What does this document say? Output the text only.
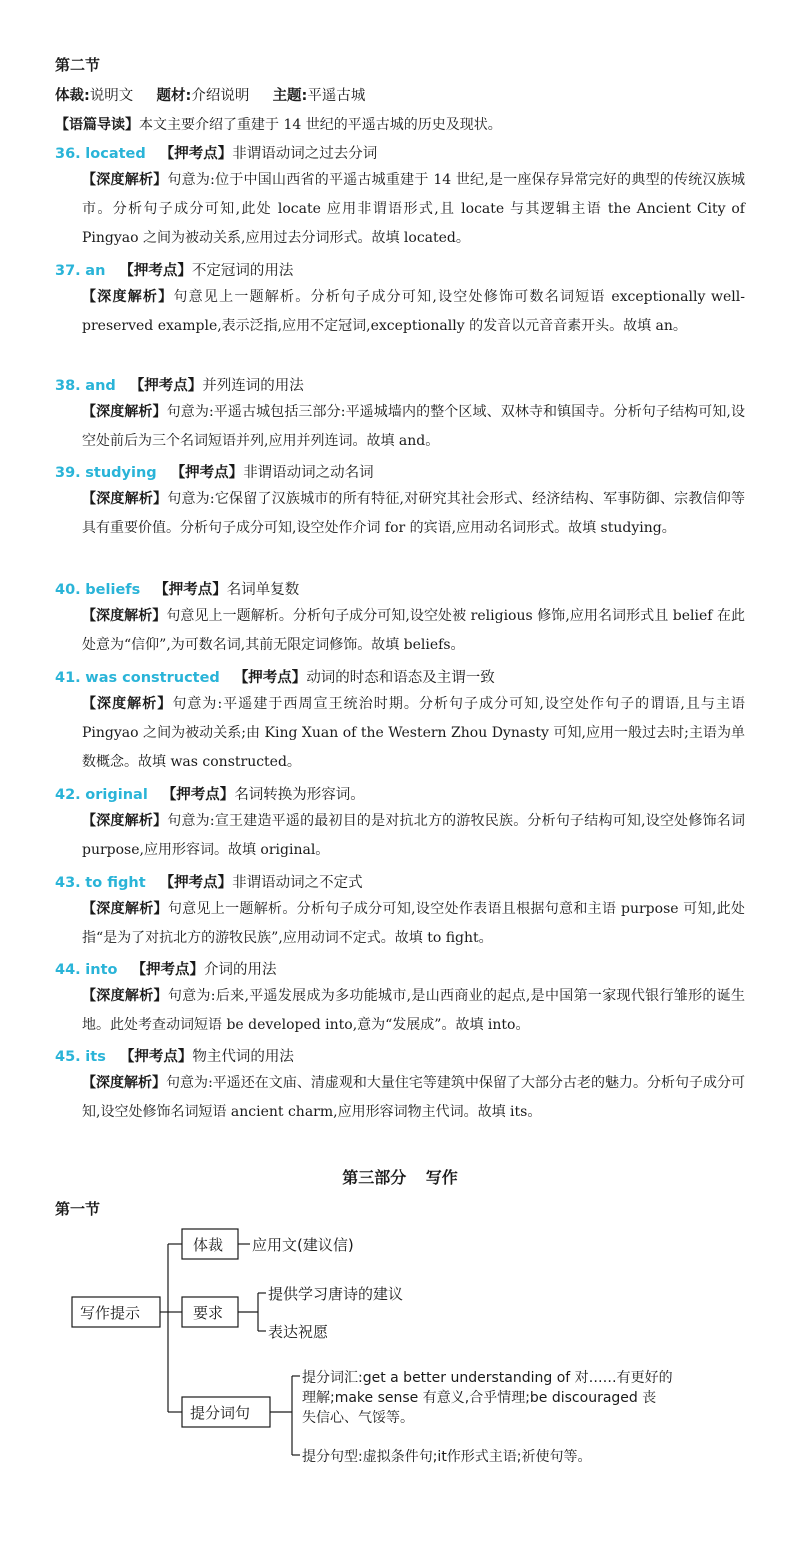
第二节
体裁:说明文 题材:介绍说明 主题:平遥古城
【语篇导读】本文主要介绍了重建于 14 世纪的平遥古城的历史及现状。
36. located 【押考点】非谓语动词之过去分词
【深度解析】句意为:位于中国山西省的平遥古城重建于 14 世纪,是一座保存异常完好的典型的传统汉族城市。分析句子成分可知,此处 locate 应用非谓语形式,且 locate 与其逻辑主语 the Ancient City of Pingyao 之间为被动关系,应用过去分词形式。故填 located。
37. an 【押考点】不定冠词的用法
【深度解析】句意见上一题解析。分析句子成分可知,设空处修饰可数名词短语 exceptionally well-preserved example,表示泛指,应用不定冠词,exceptionally 的发音以元音音素开头。故填 an。
38. and 【押考点】并列连词的用法
【深度解析】句意为:平遥古城包括三部分:平遥城墙内的整个区域、双林寺和镇国寺。分析句子结构可知,设空处前后为三个名词短语并列,应用并列连词。故填 and。
39. studying 【押考点】非谓语动词之动名词
【深度解析】句意为:它保留了汉族城市的所有特征,对研究其社会形式、经济结构、军事防御、宗教信仰等具有重要价值。分析句子成分可知,设空处作介词 for 的宾语,应用动名词形式。故填 studying。
40. beliefs 【押考点】名词单复数
【深度解析】句意见上一题解析。分析句子成分可知,设空处被 religious 修饰,应用名词形式且 belief 在此处意为“信仰”,为可数名词,其前无限定词修饰。故填 beliefs。
41. was constructed 【押考点】动词的时态和语态及主谓一致
【深度解析】句意为:平遥建于西周宣王统治时期。分析句子成分可知,设空处作句子的谓语,且与主语 Pingyao 之间为被动关系;由 King Xuan of the Western Zhou Dynasty 可知,应用一般过去时;主语为单数概念。故填 was constructed。
42. original 【押考点】名词转换为形容词。
【深度解析】句意为:宣王建造平遥的最初目的是对抗北方的游牧民族。分析句子结构可知,设空处修饰名词 purpose,应用形容词。故填 original。
43. to fight 【押考点】非谓语动词之不定式
【深度解析】句意见上一题解析。分析句子成分可知,设空处作表语且根据句意和主语 purpose 可知,此处指“是为了对抗北方的游牧民族”,应用动词不定式。故填 to fight。
44. into 【押考点】介词的用法
【深度解析】句意为:后来,平遥发展成为多功能城市,是山西商业的起点,是中国第一家现代银行雏形的诞生地。此处考查动词短语 be developed into,意为“发展成”。故填 into。
45. its 【押考点】物主代词的用法
【深度解析】句意为:平遥还在文庙、清虚观和大量住宅等建筑中保留了大部分古老的魅力。分析句子成分可知,设空处修饰名词短语 ancient charm,应用形容词物主代词。故填 its。
第三部分 写作
第一节
写作提示
体裁 应用文(建议信)
要求
提供学习唐诗的建议
表达祝愿
提分词句
提分词汇:get a better understanding of 对……有更好的
理解;make sense 有意义,合乎情理;be discouraged 丧
失信心、气馁等。
提分句型:虚拟条件句;it作形式主语;祈使句等。
